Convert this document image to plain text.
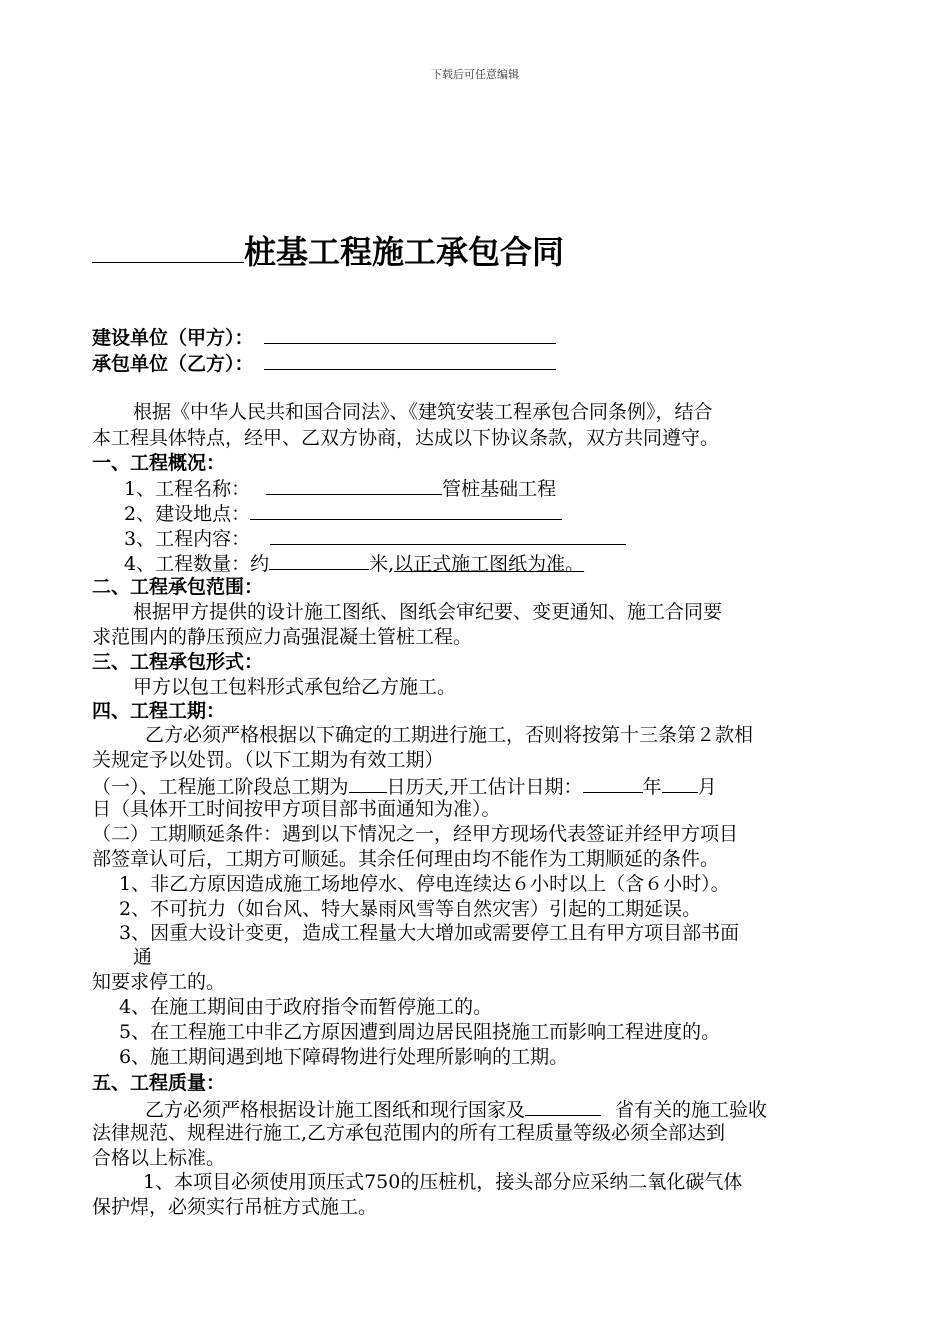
下载后可任意编辑
桩基工程施工承包合同
建设单位（甲方）：
承包单位（乙方）：
根据《中华人民共和国合同法》、《建筑安装工程承包合同条例》，结合
本工程具体特点，经甲、乙双方协商，达成以下协议条款，双方共同遵守。
一、工程概况：
1、工程名称：	管桩基础工程
2、建设地点：
3、工程内容：
4、工程数量：约	米,以正式施工图纸为准。
二、工程承包范围：
根据甲方提供的设计施工图纸、图纸会审纪要、变更通知、施工合同要
求范围内的静压预应力高强混凝土管桩工程。
三、工程承包形式：
甲方以包工包料形式承包给乙方施工。
四、工程工期：
乙方必须严格根据以下确定的工期进行施工，否则将按第十三条第２款相
关规定予以处罚。（以下工期为有效工期）
（一）、工程施工阶段总工期为 日历天,开工估计日期：	年 月
日（具体开工时间按甲方项目部书面通知为准）。
（二）工期顺延条件：遇到以下情况之一，经甲方现场代表签证并经甲方项目
部签章认可后，工期方可顺延。其余任何理由均不能作为工期顺延的条件。
1、非乙方原因造成施工场地停水、停电连续达６小时以上（含６小时）。
2、不可抗力（如台风、特大暴雨风雪等自然灾害）引起的工期延误。
3、因重大设计变更，造成工程量大大增加或需要停工且有甲方项目部书面
通
知要求停工的。
4、在施工期间由于政府指令而暂停施工的。
5、在工程施工中非乙方原因遭到周边居民阻挠施工而影响工程进度的。
6、施工期间遇到地下障碍物进行处理所影响的工期。
五、工程质量：
乙方必须严格根据设计施工图纸和现行国家及	省有关的施工验收
法律规范、规程进行施工,乙方承包范围内的所有工程质量等级必须全部达到
合格以上标准。
1、本项目必须使用顶压式750的压桩机，接头部分应采纳二氧化碳气体
保护焊，必须实行吊桩方式施工。
